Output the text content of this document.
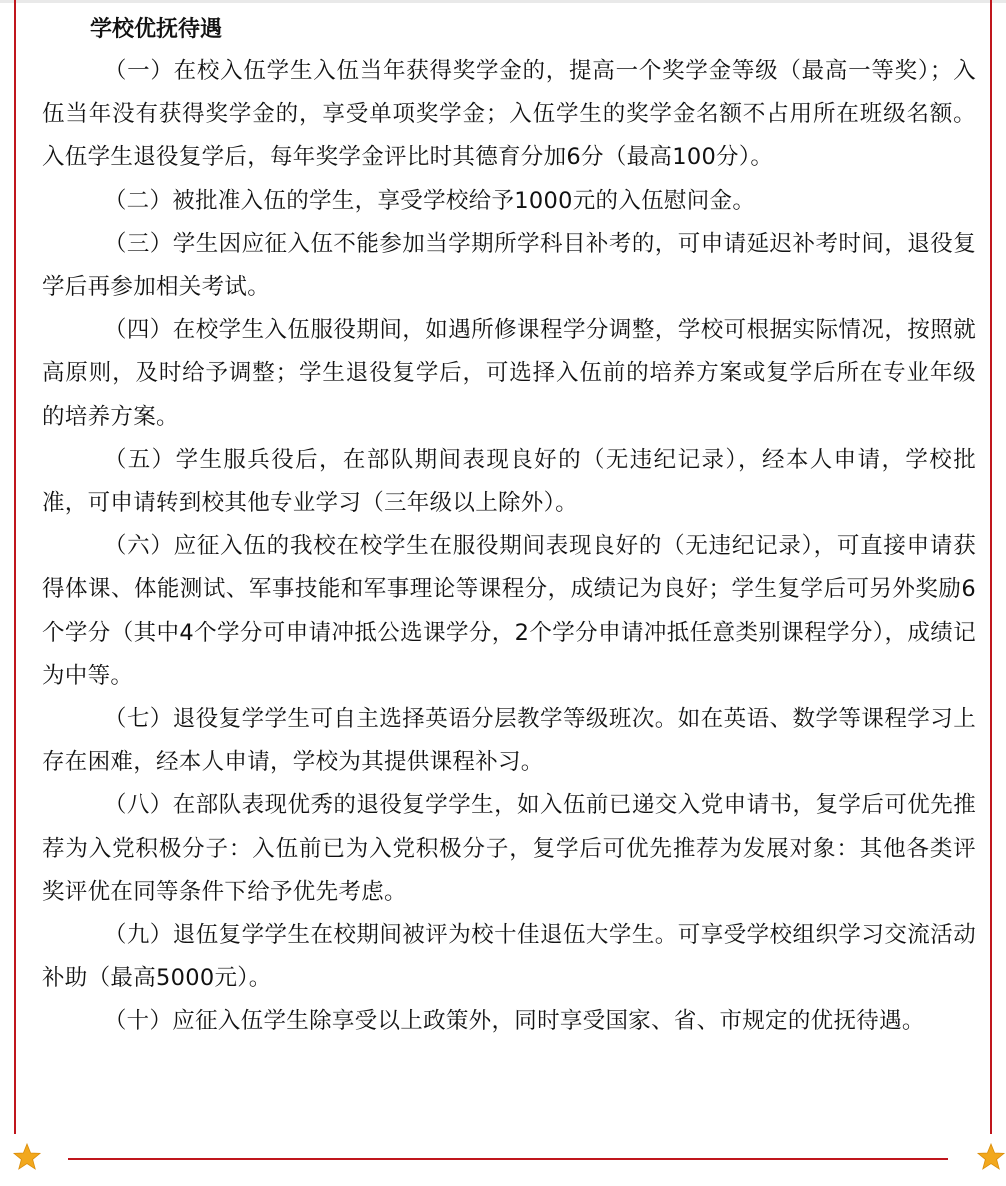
学校优抚待遇

（一）在校入伍学生入伍当年获得奖学金的，提高一个奖学金等级（最高一等奖）；入伍当年没有获得奖学金的，享受单项奖学金；入伍学生的奖学金名额不占用所在班级名额。入伍学生退役复学后，每年奖学金评比时其德育分加6分（最高100分）。

（二）被批准入伍的学生，享受学校给予1000元的入伍慰问金。

（三）学生因应征入伍不能参加当学期所学科目补考的，可申请延迟补考时间，退役复学后再参加相关考试。

（四）在校学生入伍服役期间，如遇所修课程学分调整，学校可根据实际情况，按照就高原则，及时给予调整；学生退役复学后，可选择入伍前的培养方案或复学后所在专业年级的培养方案。

（五）学生服兵役后，在部队期间表现良好的（无违纪记录），经本人申请，学校批准，可申请转到校其他专业学习（三年级以上除外）。

（六）应征入伍的我校在校学生在服役期间表现良好的（无违纪记录），可直接申请获得体课、体能测试、军事技能和军事理论等课程分，成绩记为良好；学生复学后可另外奖励6个学分（其中4个学分可申请冲抵公选课学分，2个学分申请冲抵任意类别课程学分），成绩记为中等。

（七）退役复学学生可自主选择英语分层教学等级班次。如在英语、数学等课程学习上存在困难，经本人申请，学校为其提供课程补习。

（八）在部队表现优秀的退役复学学生，如入伍前已递交入党申请书，复学后可优先推荐为入党积极分子：入伍前已为入党积极分子，复学后可优先推荐为发展对象：其他各类评奖评优在同等条件下给予优先考虑。

（九）退伍复学学生在校期间被评为校十佳退伍大学生。可享受学校组织学习交流活动补助（最高5000元）。

（十）应征入伍学生除享受以上政策外，同时享受国家、省、市规定的优抚待遇。
